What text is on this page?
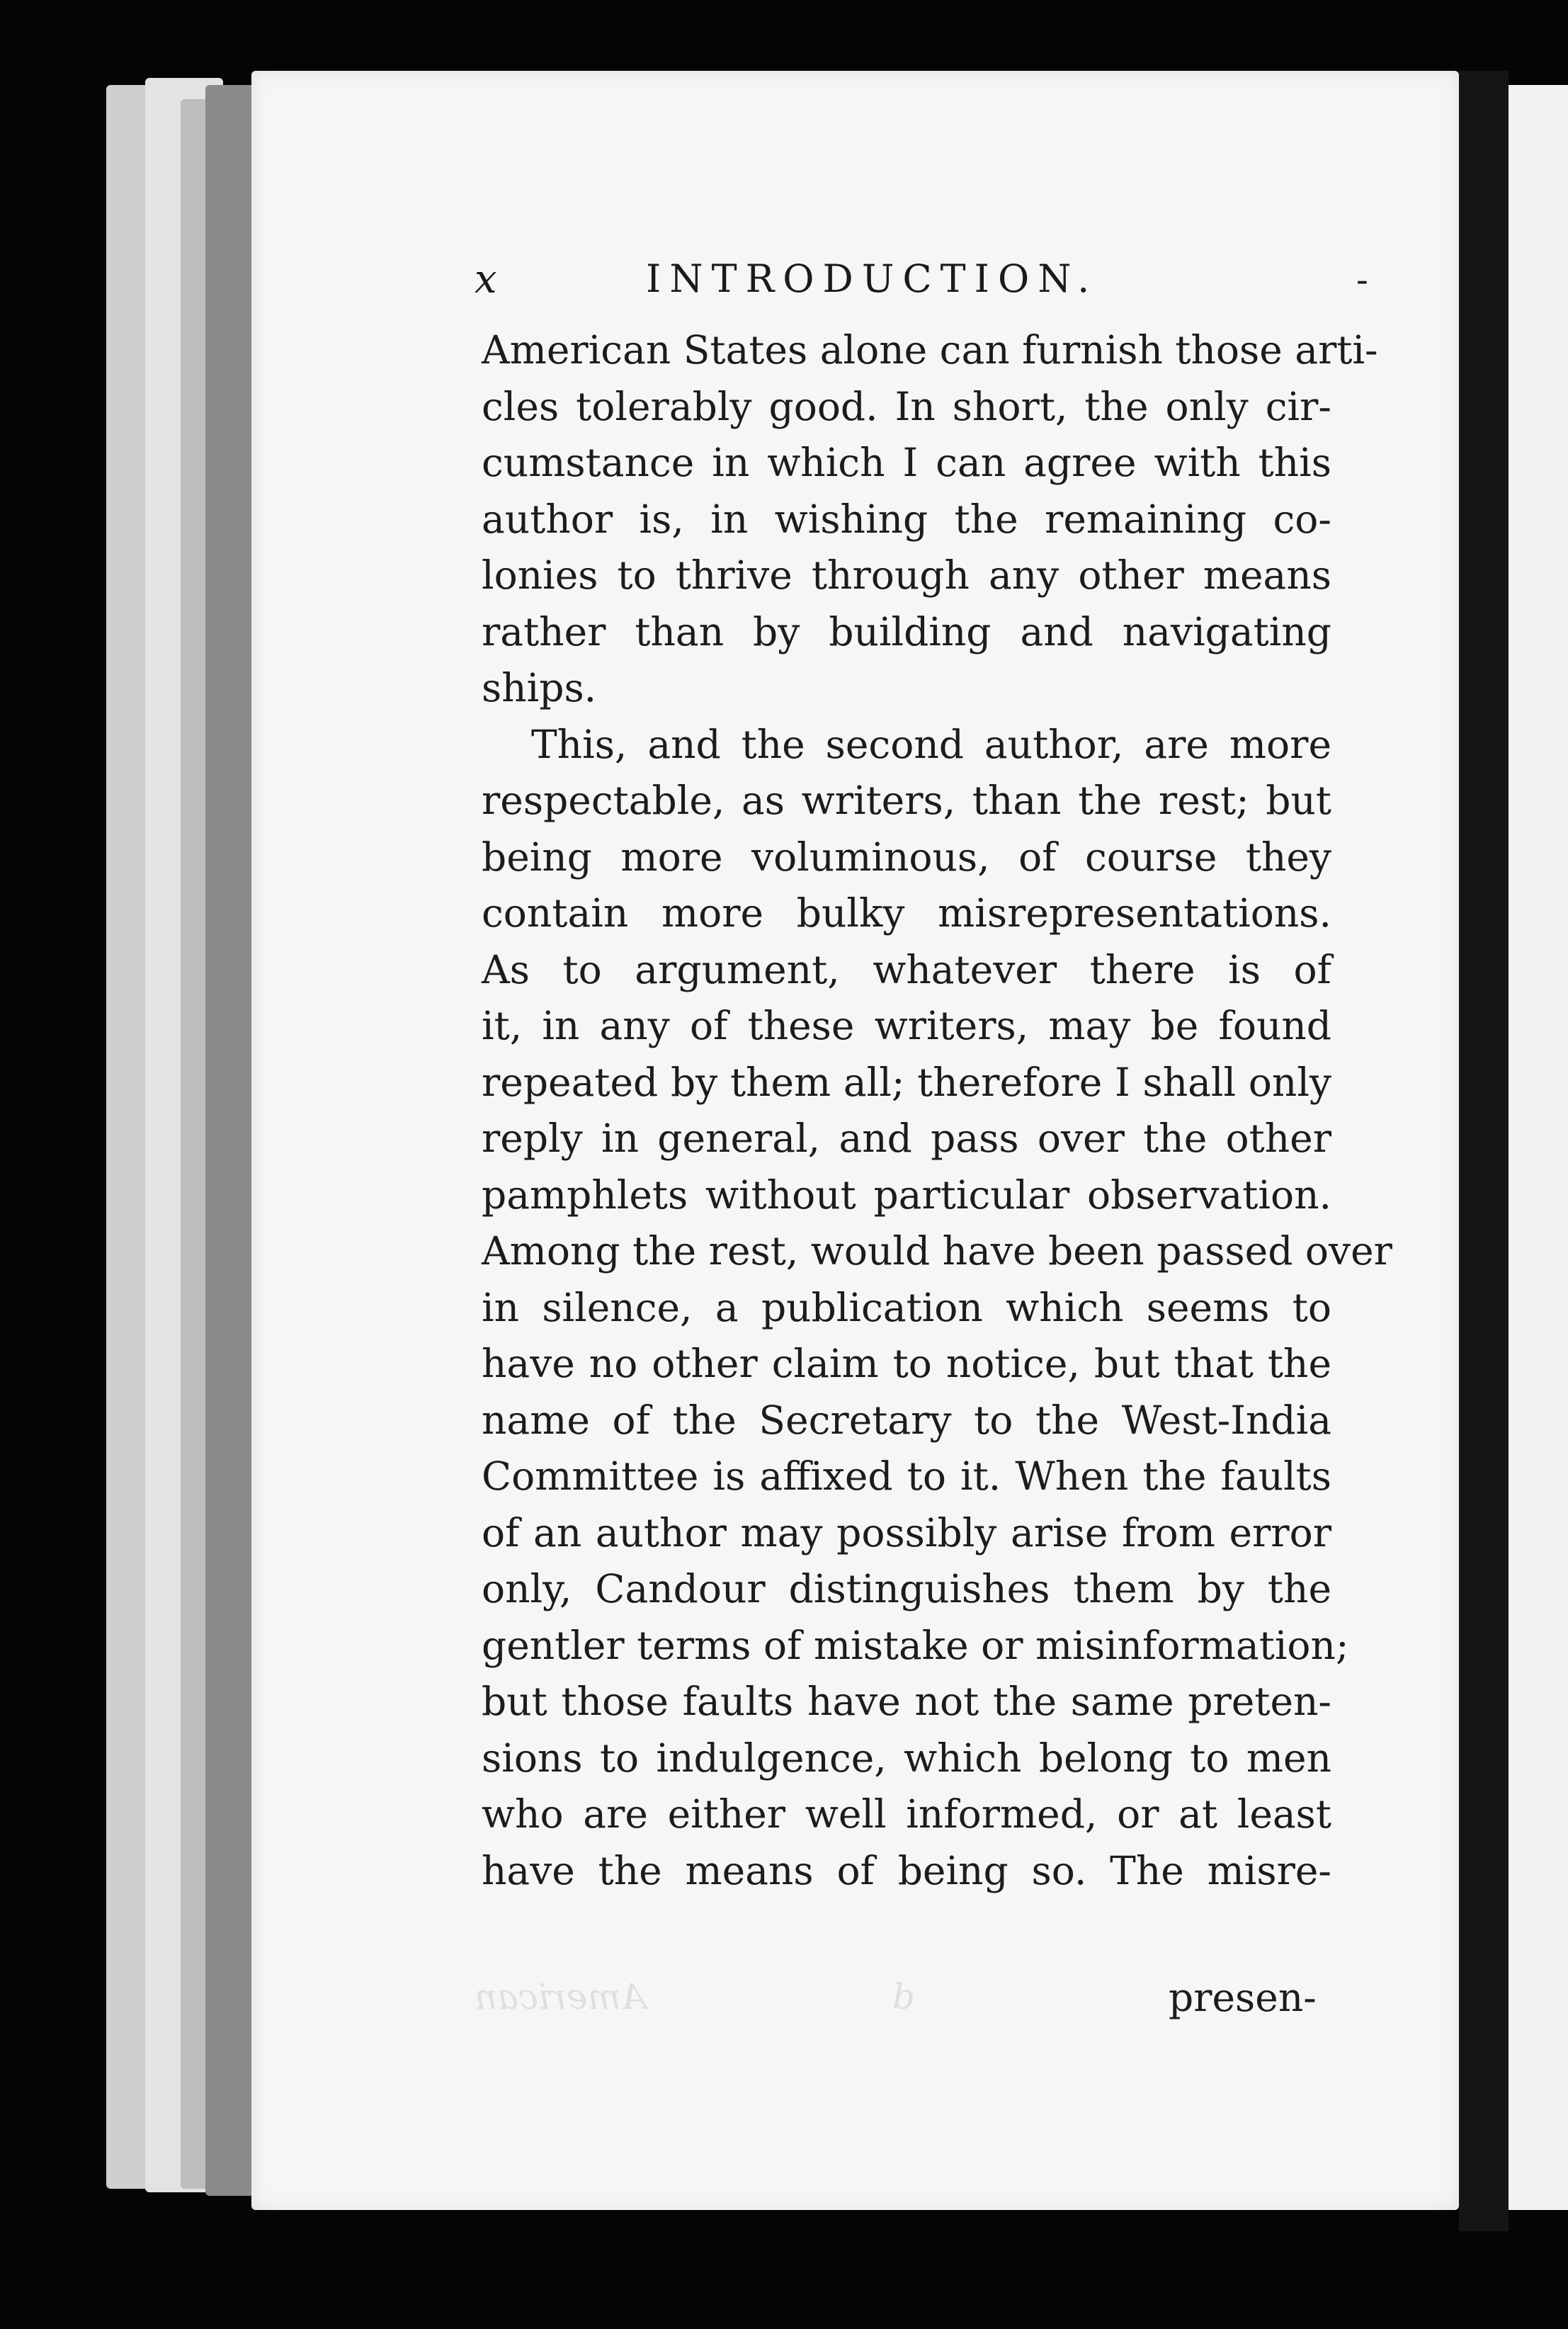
American	b
x	INTRODUCTION.	-
American States alone can furnish those arti-
cles tolerably good. In short, the only cir-
cumstance in which I can agree with this
author is, in wishing the remaining co-
lonies to thrive through any other means
rather than by building and navigating
ships.
This, and the second author, are more
respectable, as writers, than the rest; but
being more voluminous, of course they
contain more bulky misrepresentations.
As to argument, whatever there is of
it, in any of these writers, may be found
repeated by them all; therefore I shall only
reply in general, and pass over the other
pamphlets without particular observation.
Among the rest, would have been passed over
in silence, a publication which seems to
have no other claim to notice, but that the
name of the Secretary to the West-India
Committee is affixed to it. When the faults
of an author may possibly arise from error
only, Candour distinguishes them by the
gentler terms of mistake or misinformation;
but those faults have not the same preten-
sions to indulgence, which belong to men
who are either well informed, or at least
have the means of being so. The misre-
presen-
